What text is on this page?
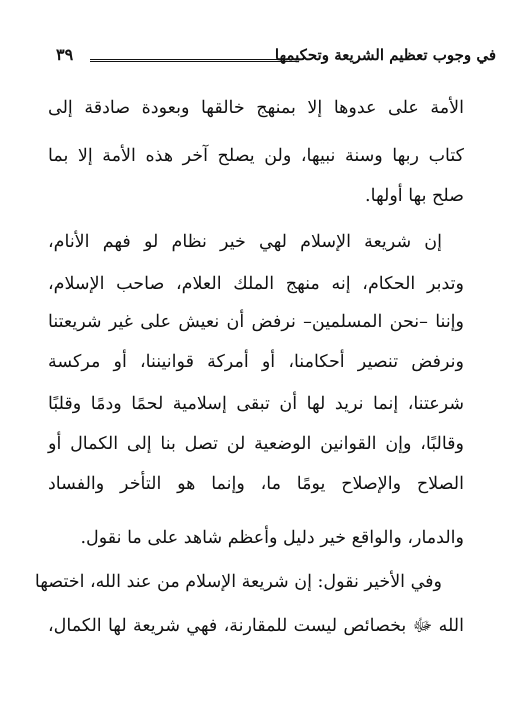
في وجوب تعظيم الشريعة وتحكيمها
٣٩
الأمة على عدوها إلا بمنهج خالقها وبعودة صادقة إلى
كتاب ربها وسنة نبيها، ولن يصلح آخر هذه الأمة إلا بما
صلح بها أولها.
إن شريعة الإسلام لهي خير نظام لو فهم الأنام،
وتدبر الحكام، إنه منهج الملك العلام، صاحب الإسلام،
وإننا –نحن المسلمين– نرفض أن نعيش على غير شريعتنا
ونرفض تنصير أحكامنا، أو أمركة قوانيننا، أو مركسة
شرعتنا، إنما نريد لها أن تبقى إسلامية لحمًا ودمًا وقلبًا
وقالبًا، وإن القوانين الوضعية لن تصل بنا إلى الكمال أو
الصلاح والإصلاح يومًا ما، وإنما هو التأخر والفساد
والدمار، والواقع خير دليل وأعظم شاهد على ما نقول.
وفي الأخير نقول: إن شريعة الإسلام من عند الله، اختصها
الله ﷻ بخصائص ليست للمقارنة، فهي شريعة لها الكمال،
